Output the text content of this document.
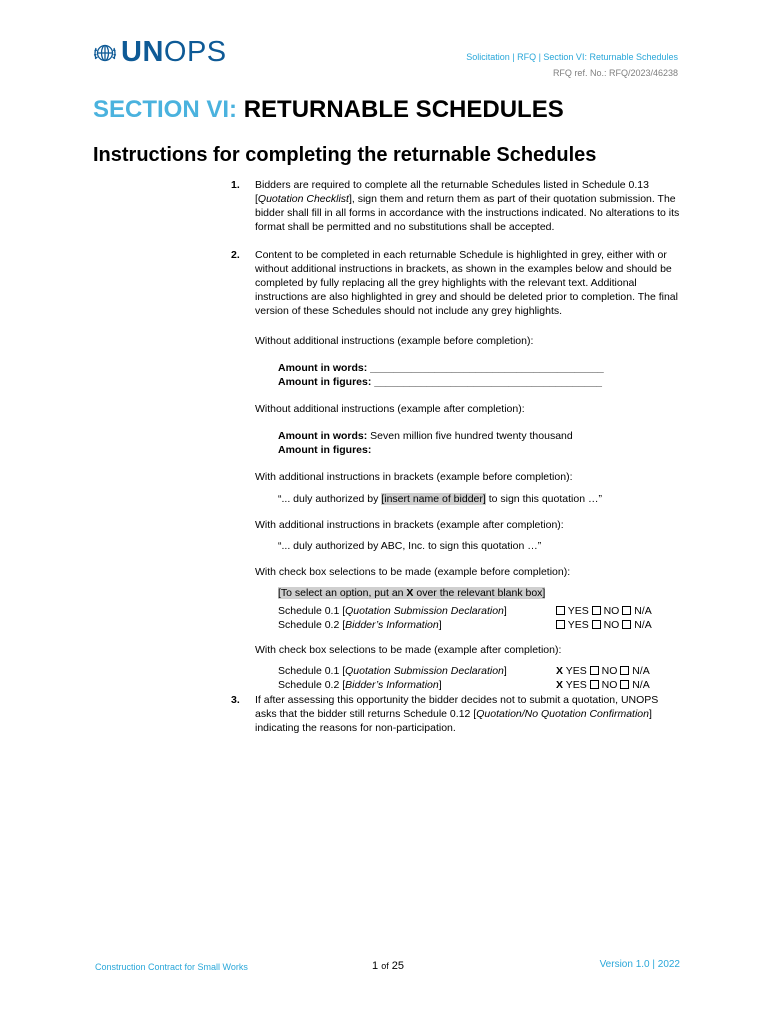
UNOPS	Solicitation | RFQ | Section VI: Returnable Schedules
RFQ ref. No.: RFQ/2023/46238
SECTION VI: RETURNABLE SCHEDULES
Instructions for completing the returnable Schedules
1.	Bidders are required to complete all the returnable Schedules listed in Schedule 0.13 [Quotation Checklist], sign them and return them as part of their quotation submission. The bidder shall fill in all forms in accordance with the instructions indicated. No alterations to its format shall be permitted and no substitutions shall be accepted.
2.	Content to be completed in each returnable Schedule is highlighted in grey, either with or without additional instructions in brackets, as shown in the examples below and should be completed by fully replacing all the grey highlights with the relevant text. Additional instructions are also highlighted in grey and should be deleted prior to completion. The final version of these Schedules should not include any grey highlights.
Without additional instructions (example before completion):
Amount in words: ________________________________________
Amount in figures: _______________________________________
Without additional instructions (example after completion):
Amount in words: Seven million five hundred twenty thousand
Amount in figures:
With additional instructions in brackets (example before completion):
“... duly authorized by [insert name of bidder] to sign this quotation …”
With additional instructions in brackets (example after completion):
“... duly authorized by ABC, Inc. to sign this quotation …”
With check box selections to be made (example before completion):
[To select an option, put an X over the relevant blank box]
Schedule 0.1 [Quotation Submission Declaration]	YES NO N/A
Schedule 0.2 [Bidder’s Information]	YES NO N/A
With check box selections to be made (example after completion):
Schedule 0.1 [Quotation Submission Declaration]	X YES NO N/A
Schedule 0.2 [Bidder’s Information]	X YES NO N/A
3.	If after assessing this opportunity the bidder decides not to submit a quotation, UNOPS asks that the bidder still returns Schedule 0.12 [Quotation/No Quotation Confirmation] indicating the reasons for non-participation.
Construction Contract for Small Works	1 of 25	Version 1.0 | 2022
